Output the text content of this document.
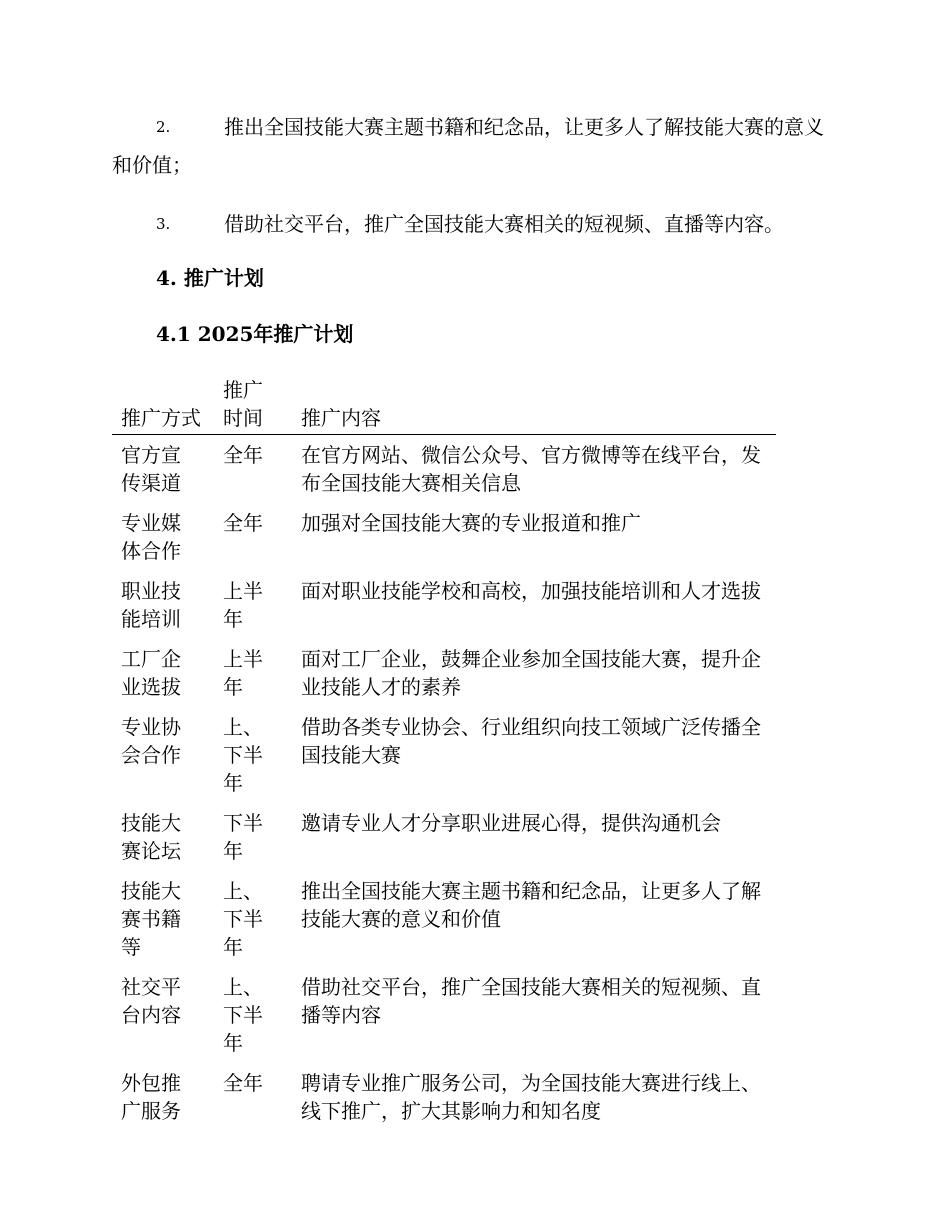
2.	推出全国技能大赛主题书籍和纪念品，让更多人了解技能大赛的意义和价值；
3.	借助社交平台，推广全国技能大赛相关的短视频、直播等内容。
4. 推广计划
4.1 2025年推广计划
推广方式	推广时间	推广内容

官方宣传渠道	全年	在官方网站、微信公众号、官方微博等在线平台，发布全国技能大赛相关信息

专业媒体合作	全年	加强对全国技能大赛的专业报道和推广

职业技能培训	上半年	面对职业技能学校和高校，加强技能培训和人才选拔

工厂企业选拔	上半年	面对工厂企业，鼓舞企业参加全国技能大赛，提升企业技能人才的素养

专业协会合作	上、下半年	借助各类专业协会、行业组织向技工领域广泛传播全国技能大赛

技能大赛论坛	下半年	邀请专业人才分享职业进展心得，提供沟通机会

技能大赛书籍等	上、下半年	推出全国技能大赛主题书籍和纪念品，让更多人了解技能大赛的意义和价值

社交平台内容	上、下半年	借助社交平台，推广全国技能大赛相关的短视频、直播等内容

外包推广服务	全年	聘请专业推广服务公司，为全国技能大赛进行线上、线下推广，扩大其影响力和知名度
